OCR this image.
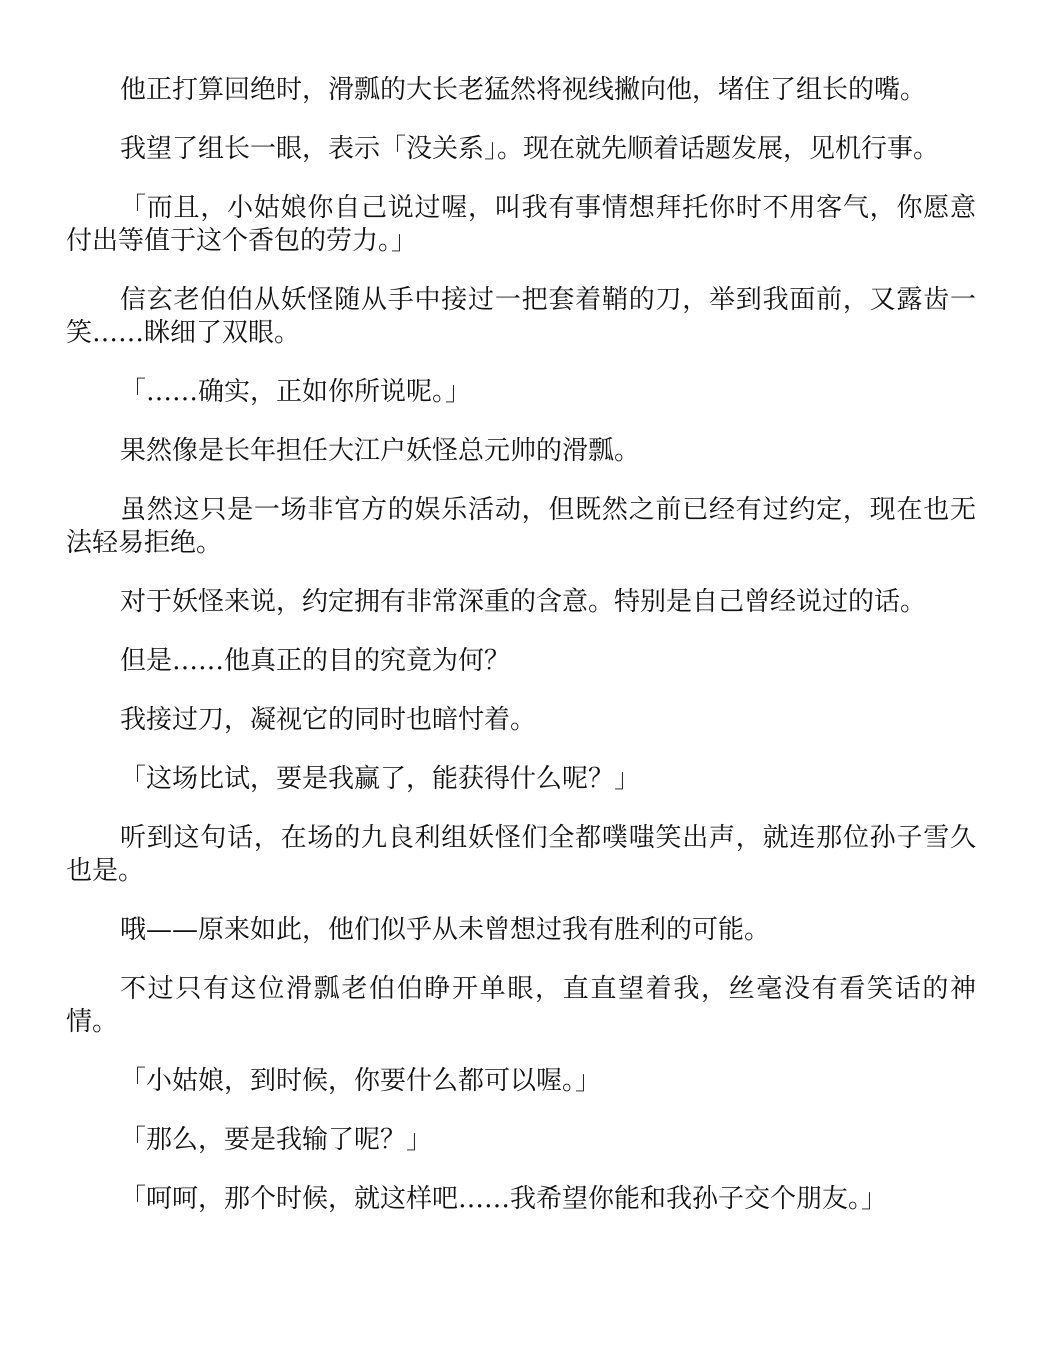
他正打算回绝时，滑瓢的大长老猛然将视线撇向他，堵住了组长的嘴。

我望了组长一眼，表示「没关系」。现在就先顺着话题发展，见机行事。

「而且，小姑娘你自己说过喔，叫我有事情想拜托你时不用客气，你愿意付出等值于这个香包的劳力。」

信玄老伯伯从妖怪随从手中接过一把套着鞘的刀，举到我面前，又露齿一笑……眯细了双眼。

「……确实，正如你所说呢。」

果然像是长年担任大江户妖怪总元帅的滑瓢。

虽然这只是一场非官方的娱乐活动，但既然之前已经有过约定，现在也无法轻易拒绝。

对于妖怪来说，约定拥有非常深重的含意。特别是自己曾经说过的话。

但是……他真正的目的究竟为何？

我接过刀，凝视它的同时也暗忖着。

「这场比试，要是我赢了，能获得什么呢？」

听到这句话，在场的九良利组妖怪们全都噗嗤笑出声，就连那位孙子雪久也是。

哦——原来如此，他们似乎从未曾想过我有胜利的可能。

不过只有这位滑瓢老伯伯睁开单眼，直直望着我，丝毫没有看笑话的神情。

「小姑娘，到时候，你要什么都可以喔。」

「那么，要是我输了呢？」

「呵呵，那个时候，就这样吧……我希望你能和我孙子交个朋友。」
